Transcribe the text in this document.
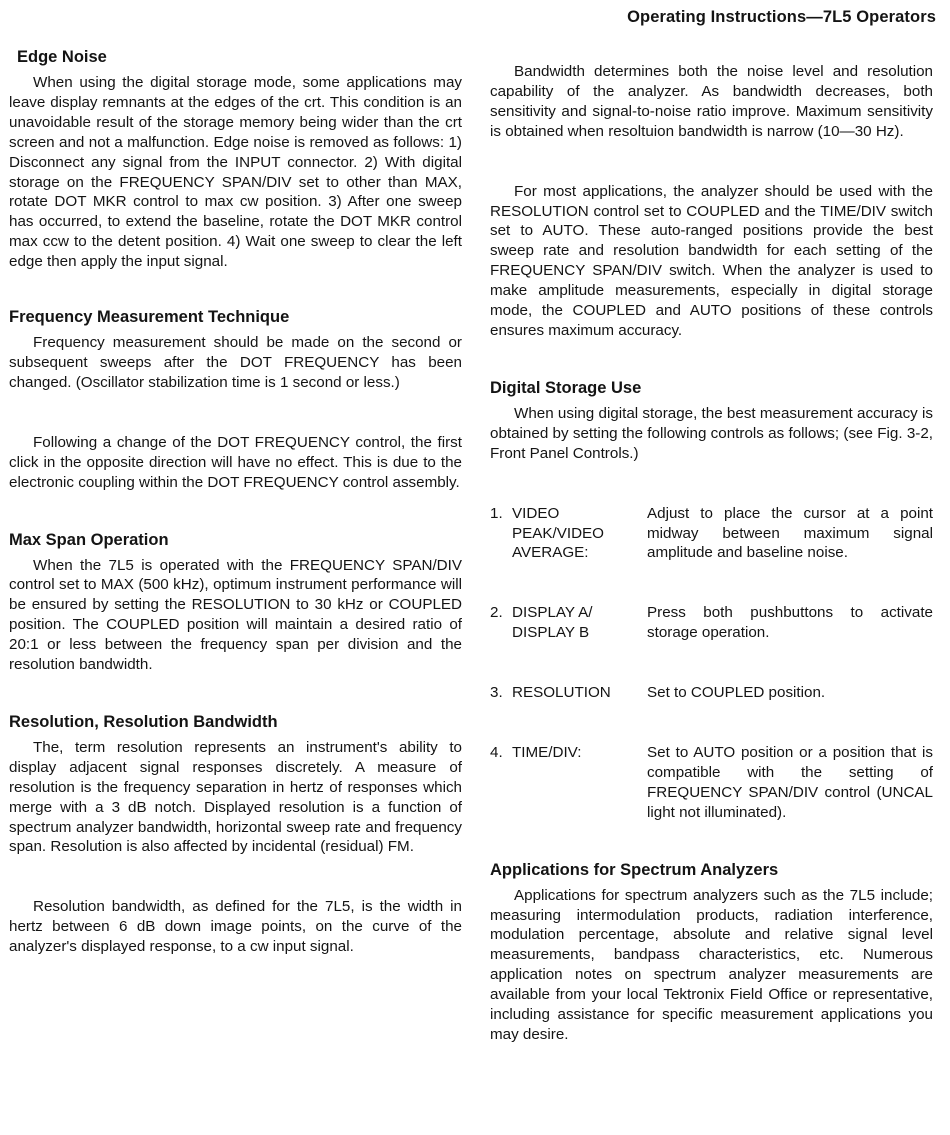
Operating Instructions—7L5 Operators
Edge Noise

When using the digital storage mode, some applications may leave display remnants at the edges of the crt. This condition is an unavoidable result of the storage memory being wider than the crt screen and not a malfunction. Edge noise is removed as follows: 1) Disconnect any signal from the INPUT connector. 2) With digital storage on the FREQUENCY SPAN/DIV set to other than MAX, rotate DOT MKR control to max cw position. 3) After one sweep has occurred, to extend the baseline, rotate the DOT MKR control max ccw to the detent position. 4) Wait one sweep to clear the left edge then apply the input signal.

Frequency Measurement Technique

Frequency measurement should be made on the second or subsequent sweeps after the DOT FREQUENCY has been changed. (Oscillator stabilization time is 1 second or less.)

Following a change of the DOT FREQUENCY control, the first click in the opposite direction will have no effect. This is due to the electronic coupling within the DOT FREQUENCY control assembly.

Max Span Operation

When the 7L5 is operated with the FREQUENCY SPAN/DIV control set to MAX (500 kHz), optimum instrument performance will be ensured by setting the RESOLUTION to 30 kHz or COUPLED position. The COUPLED position will maintain a desired ratio of 20:1 or less between the frequency span per division and the resolution bandwidth.

Resolution, Resolution Bandwidth

The, term resolution represents an instrument's ability to display adjacent signal responses discretely. A measure of resolution is the frequency separation in hertz of responses which merge with a 3 dB notch. Displayed resolution is a function of spectrum analyzer bandwidth, horizontal sweep rate and frequency span. Resolution is also affected by incidental (residual) FM.

Resolution bandwidth, as defined for the 7L5, is the width in hertz between 6 dB down image points, on the curve of the analyzer's displayed response, to a cw input signal.

Bandwidth determines both the noise level and resolution capability of the analyzer. As bandwidth decreases, both sensitivity and signal-to-noise ratio improve. Maximum sensitivity is obtained when resoltuion bandwidth is narrow (10—30 Hz).

For most applications, the analyzer should be used with the RESOLUTION control set to COUPLED and the TIME/DIV switch set to AUTO. These auto-ranged positions provide the best sweep rate and resolution bandwidth for each setting of the FREQUENCY SPAN/DIV switch. When the analyzer is used to make amplitude measurements, especially in digital storage mode, the COUPLED and AUTO positions of these controls ensures maximum accuracy.

Digital Storage Use

When using digital storage, the best measurement accuracy is obtained by setting the following controls as follows; (see Fig. 3-2, Front Panel Controls.)

1. VIDEO PEAK/VIDEO AVERAGE:
Adjust to place the cursor at a point midway between maximum signal amplitude and baseline noise.
2. DISPLAY A/ DISPLAY B
Press both pushbuttons to activate storage operation.
3. RESOLUTION	Set to COUPLED position.
4. TIME/DIV:	Set to AUTO position or a position that is compatible with the setting of FREQUENCY SPAN/DIV control (UNCAL light not illuminated).
Applications for Spectrum Analyzers

Applications for spectrum analyzers such as the 7L5 include; measuring intermodulation products, radiation interference, modulation percentage, absolute and relative signal level measurements, bandpass characteristics, etc. Numerous application notes on spectrum analyzer measurements are available from your local Tektronix Field Office or representative, including assistance for specific measurement applications you may desire.
